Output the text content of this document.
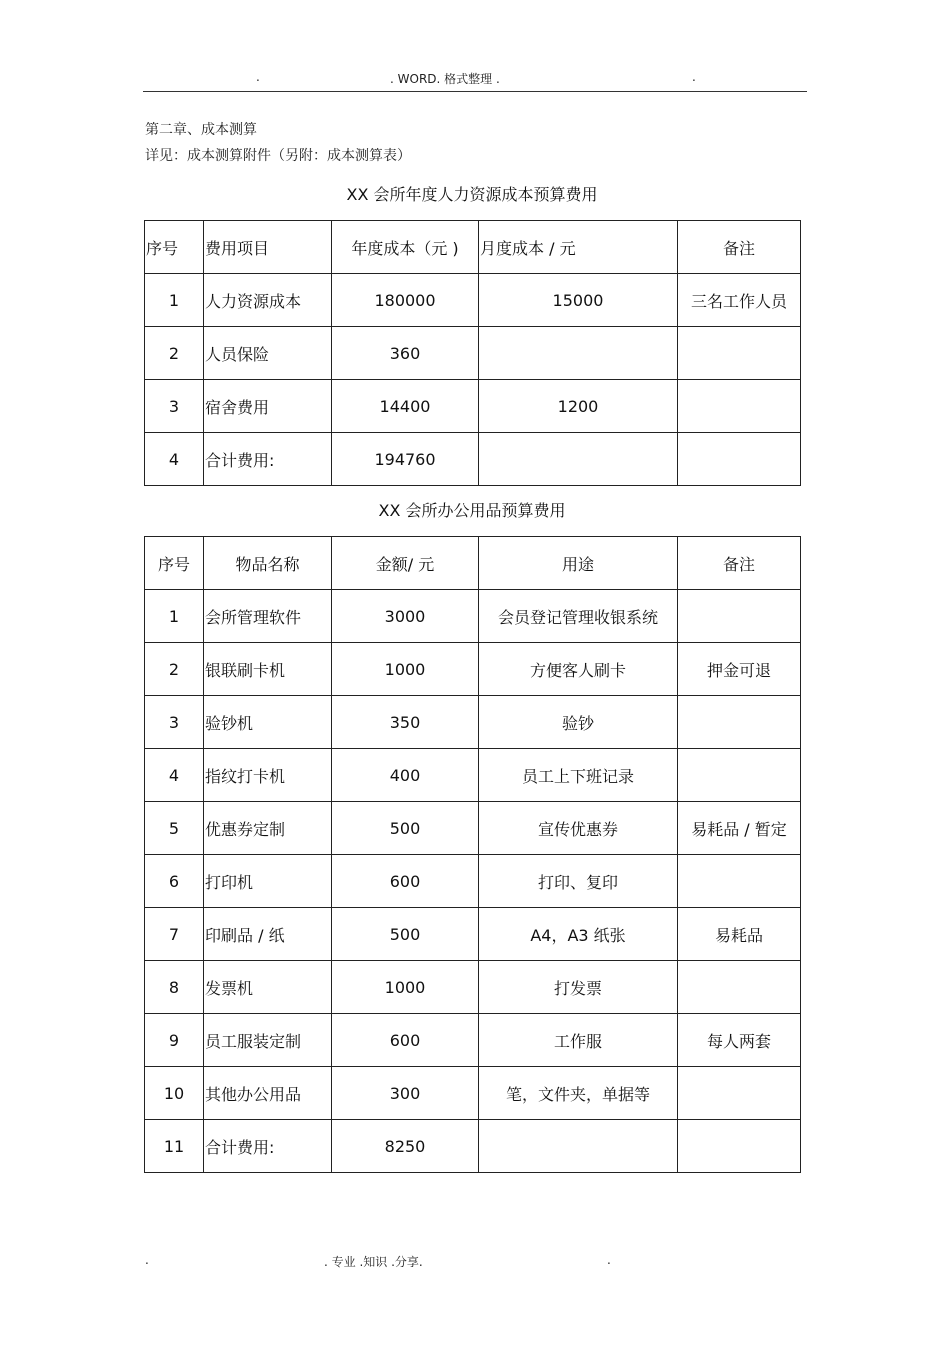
.	. WORD. 格式整理 .	.
第二章、成本测算
详见：成本测算附件（另附：成本测算表）
XX 会所年度人力资源成本预算费用
序号	费用项目	年度成本（元 )	月度成本 / 元	备注
1	人力资源成本	180000	15000	三名工作人员
2	人员保险	360		
3	宿舍费用	14400	1200	
4	合计费用:	194760		
XX 会所办公用品预算费用
序号	物品名称	金额/ 元	用途	备注
1	会所管理软件	3000	会员登记管理收银系统	
2	银联刷卡机	1000	方便客人刷卡	押金可退
3	验钞机	350	验钞	
4	指纹打卡机	400	员工上下班记录	
5	优惠券定制	500	宣传优惠券	易耗品 / 暂定
6	打印机	600	打印、复印	
7	印刷品 / 纸	500	A4，A3 纸张	易耗品
8	发票机	1000	打发票	
9	员工服装定制	600	工作服	每人两套
10	其他办公用品	300	笔，文件夹，单据等	
11	合计费用:	8250		
.	. 专业 .知识 .分享.	.
